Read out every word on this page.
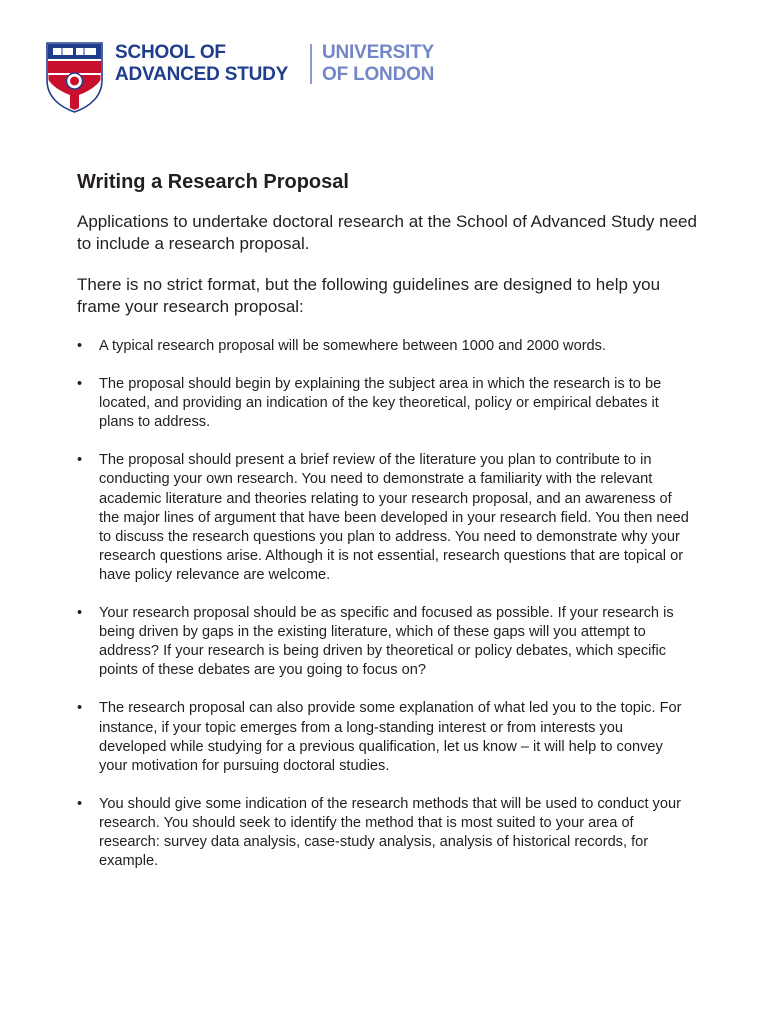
SCHOOL OF
ADVANCED STUDY
UNIVERSITY
OF LONDON
Writing a Research Proposal

Applications to undertake doctoral research at the School of Advanced Study need to include a research proposal.

There is no strict format, but the following guidelines are designed to help you frame your research proposal:

• A typical research proposal will be somewhere between 1000 and 2000 words.
• The proposal should begin by explaining the subject area in which the research is to be located, and providing an indication of the key theoretical, policy or empirical debates it plans to address.
• The proposal should present a brief review of the literature you plan to contribute to in conducting your own research. You need to demonstrate a familiarity with the relevant academic literature and theories relating to your research proposal, and an awareness of the major lines of argument that have been developed in your research field. You then need to discuss the research questions you plan to address. You need to demonstrate why your research questions arise. Although it is not essential, research questions that are topical or have policy relevance are welcome.
• Your research proposal should be as specific and focused as possible. If your research is being driven by gaps in the existing literature, which of these gaps will you attempt to address? If your research is being driven by theoretical or policy debates, which specific points of these debates are you going to focus on?
• The research proposal can also provide some explanation of what led you to the topic. For instance, if your topic emerges from a long-standing interest or from interests you developed while studying for a previous qualification, let us know – it will help to convey your motivation for pursuing doctoral studies.
• You should give some indication of the research methods that will be used to conduct your research. You should seek to identify the method that is most suited to your area of research: survey data analysis, case-study analysis, analysis of historical records, for example.
